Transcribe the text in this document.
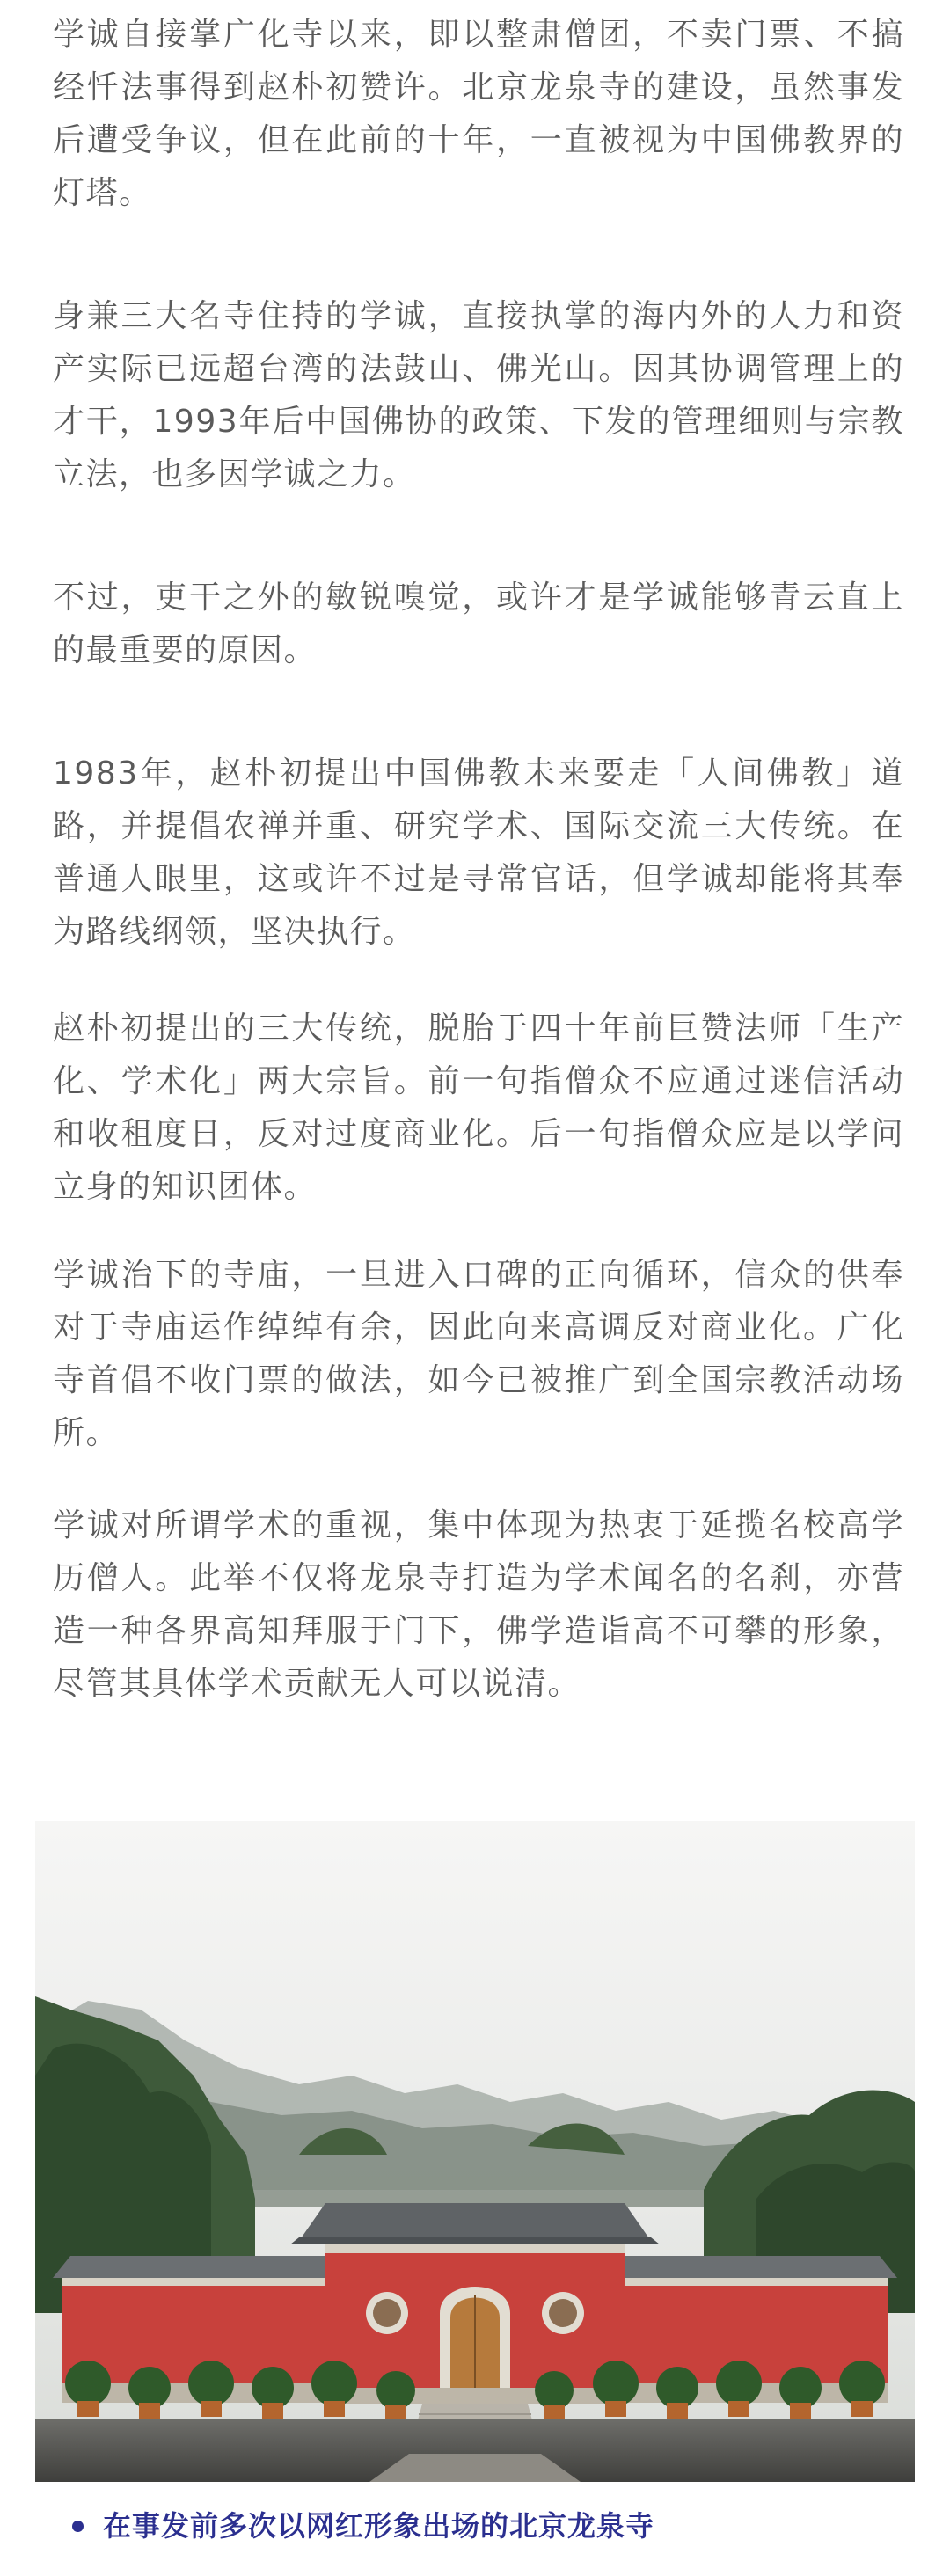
学诚自接掌广化寺以来，即以整肃僧团，不卖门票、不搞经忏法事得到赵朴初赞许。北京龙泉寺的建设，虽然事发后遭受争议，但在此前的十年，一直被视为中国佛教界的灯塔。

身兼三大名寺住持的学诚，直接执掌的海内外的人力和资产实际已远超台湾的法鼓山、佛光山。因其协调管理上的才干，1993年后中国佛协的政策、下发的管理细则与宗教立法，也多因学诚之力。

不过，吏干之外的敏锐嗅觉，或许才是学诚能够青云直上的最重要的原因。

1983年，赵朴初提出中国佛教未来要走「人间佛教」道路，并提倡农禅并重、研究学术、国际交流三大传统。在普通人眼里，这或许不过是寻常官话，但学诚却能将其奉为路线纲领，坚决执行。

赵朴初提出的三大传统，脱胎于四十年前巨赞法师「生产化、学术化」两大宗旨。前一句指僧众不应通过迷信活动和收租度日，反对过度商业化。后一句指僧众应是以学问立身的知识团体。

学诚治下的寺庙，一旦进入口碑的正向循环，信众的供奉对于寺庙运作绰绰有余，因此向来高调反对商业化。广化寺首倡不收门票的做法，如今已被推广到全国宗教活动场所。

学诚对所谓学术的重视，集中体现为热衷于延揽名校高学历僧人。此举不仅将龙泉寺打造为学术闻名的名刹，亦营造一种各界高知拜服于门下，佛学造诣高不可攀的形象，尽管其具体学术贡献无人可以说清。

在事发前多次以网红形象出场的北京龙泉寺
